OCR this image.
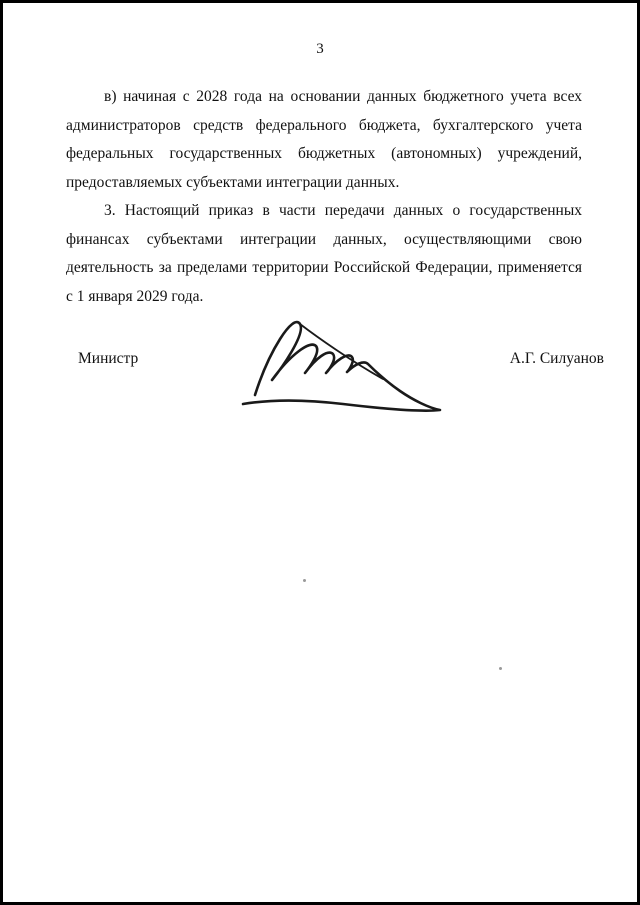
3

в) начиная с 2028 года на основании данных бюджетного учета всех администраторов средств федерального бюджета, бухгалтерского учета федеральных государственных бюджетных (автономных) учреждений, предоставляемых субъектами интеграции данных.

3. Настоящий приказ в части передачи данных о государственных финансах субъектами интеграции данных, осуществляющими свою деятельность за пределами территории Российской Федерации, применяется с 1 января 2029 года.

Министр	А.Г. Силуанов
